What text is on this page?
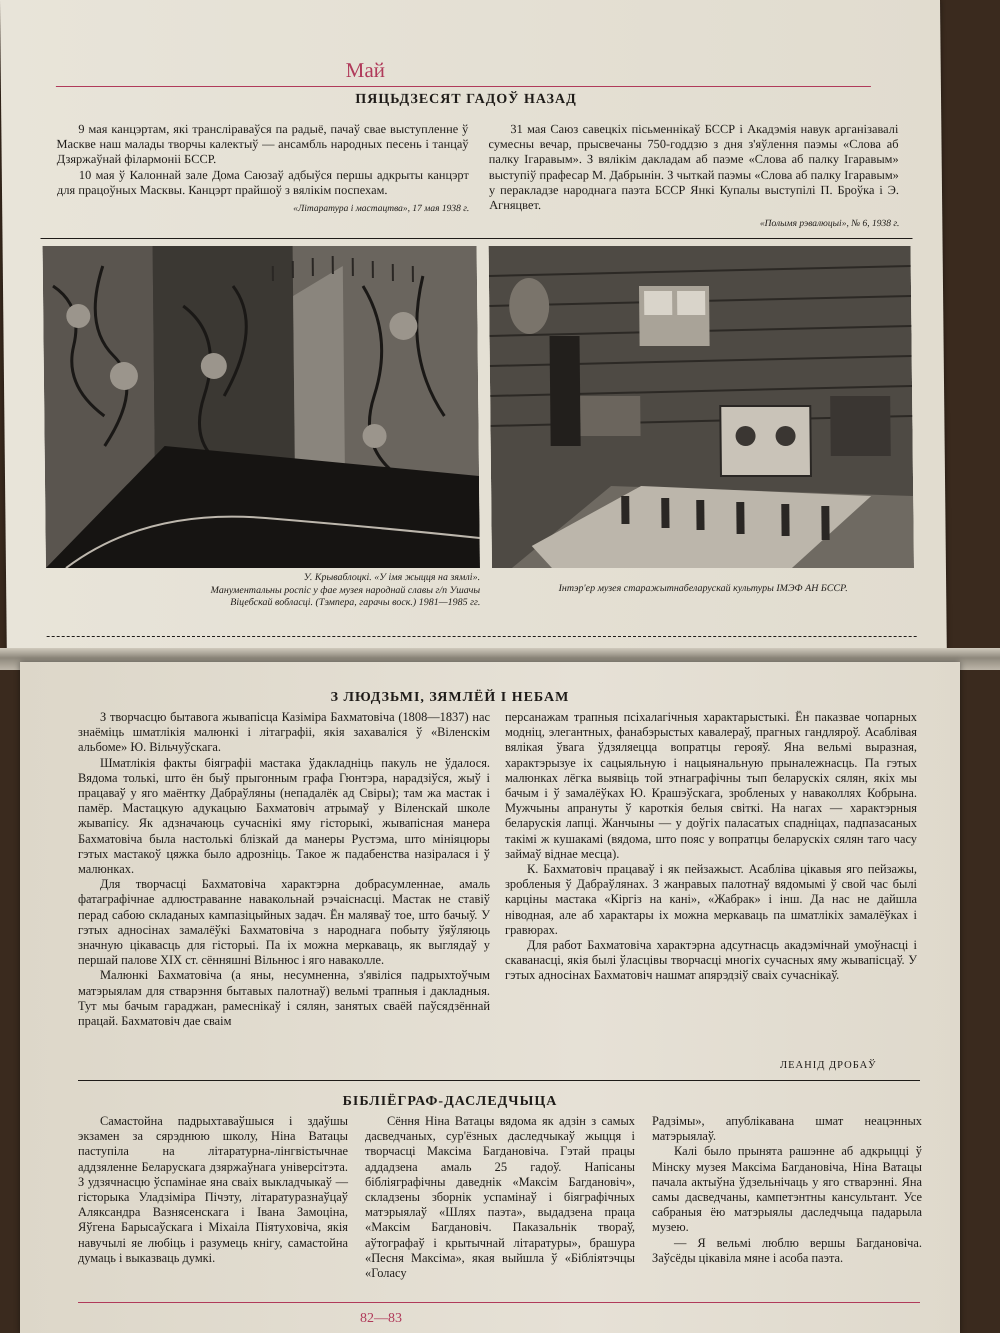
Май
ПЯЦЬДЗЕСЯТ ГАДОЎ НАЗАД

9 мая канцэртам, які трансліраваўся па радыё, пачаў свае выступленне ў Маскве наш малады творчы калектыў — ансамбль народных песень і танцаў Дзяржаўнай філармоніі БССР.

10 мая ў Калоннай зале Дома Саюзаў адбыўся першы адкрыты канцэрт для працоўных Масквы. Канцэрт прайшоў з вялікім поспехам.

«Літаратура і мастацтва», 17 мая 1938 г.

31 мая Саюз савецкіх пісьменнікаў БССР і Акадэмія навук арганізавалі сумесны вечар, прысвечаны 750-годдзю з дня з'яўлення паэмы «Слова аб палку Ігаравым». З вялікім дакладам аб паэме «Слова аб палку Ігаравым» выступіў прафесар М. Дабрынін. З чыткай паэмы «Слова аб палку Ігаравым» у перакладзе народнага паэта БССР Янкі Купалы выступілі П. Броўка і Э. Агняцвет.

«Полымя рэвалюцыі», № 6, 1938 г.
У. Крываблоцкі. «У імя жыцця на зямлі».
Манументальны роспіс у фае музея народнай славы г/п Ушачы
Віцебскай вобласці. (Тэмпера, гарачы воск.) 1981—1985 гг.
Інтэр'ер музея старажытнабеларускай культуры ІМЭФ АН БССР.
З ЛЮДЗЬМІ, ЗЯМЛЁЙ І НЕБАМ

З творчасцю бытавога жывапісца Казіміра Бахматовіча (1808—1837) нас знаёміць шматлікія малюнкі і літаграфіі, якія захаваліся ў «Віленскім альбоме» Ю. Вільчуўскага.

Шматлікія факты біяграфіі мастака ўдакладніць пакуль не ўдалося. Вядома толькі, што ён быў прыгонным графа Гюнтэра, нарадзіўся, жыў і працаваў у яго маёнтку Дабраўляны (непадалёк ад Свіры); там жа мастак і памёр. Мастацкую адукацыю Бахматовіч атрымаў у Віленскай школе жывапісу. Як адзначаюць сучаснікі яму гісторыкі, жывапісная манера Бахматовіча была настолькі блізкай да манеры Рустэма, што мініяцюры гэтых мастакоў цяжка было адрозніць. Такое ж падабенства назіралася і ў малюнках.

Для творчасці Бахматовіча характэрна добрасумленнае, амаль фатаграфічнае адлюстраванне навакольнай рэчаіснасці. Мастак не ставіў перад сабою складаных кампазіцыйных задач. Ён маляваў тое, што бачыў. У гэтых адносінах замалёўкі Бахматовіча з народнага побыту ўяўляюць значную цікавасць для гісторыі. Па іх можна меркаваць, як выглядаў у першай палове XIX ст. сённяшні Вільнюс і яго наваколле.

Малюнкі Бахматовіча (а яны, несумненна, з'явіліся падрыхтоўчым матэрыялам для стварэння бытавых палотнаў) вельмі трапныя і дакладныя. Тут мы бачым гараджан, рамеснікаў і сялян, занятых сваёй паўсядзённай працай. Бахматовіч дае сваім

персанажам трапныя псіхалагічныя характарыстыкі. Ён паказвае чопарных модніц, элегантных, фанабэрыстых кавалераў, прагных гандляроў. Асаблівая вялікая ўвага ўдзяляецца вопратцы герояў. Яна вельмі выразная, характэрызуе іх сацыяльную і нацыянальную прыналежнасць. Па гэтых малюнках лёгка выявіць той этнаграфічны тып беларускіх сялян, якіх мы бачым і ў замалёўках Ю. Крашэўскага, зробленых у наваколлях Кобрына. Мужчыны апрануты ў кароткія белыя світкі. На нагах — характэрныя беларускія лапці. Жанчыны — у доўгіх паласатых спадніцах, падпазасаных такімі ж кушакамі (вядома, што пояс у вопратцы беларускіх сялян таго часу займаў віднае месца).

К. Бахматовіч працаваў і як пейзажыст. Асабліва цікавыя яго пейзажы, зробленыя ў Дабраўлянах. З жанравых палотнаў вядомымі ў свой час былі карціны мастака «Кіргіз на кані», «Жабрак» і інш. Да нас не дайшла ніводная, але аб характары іх можна меркаваць па шматлікіх замалёўках і гравюрах.

Для работ Бахматовіча характэрна адсутнасць акадэмічнай умоўнасці і скаванасці, якія былі ўласцівы творчасці многіх сучасных яму жывапісцаў. У гэтых адносінах Бахматовіч нашмат апярэдзіў сваіх сучаснікаў.

ЛЕАНІД ДРОБАЎ
БІБЛІЁГРАФ-ДАСЛЕДЧЫЦА

Самастойна падрыхтаваўшыся і здаўшы экзамен за сярэднюю школу, Ніна Ватацы паступіла на літаратурна-лінгвістычнае аддзяленне Беларускага дзяржаўнага універсітэта. З удзячнасцю ўспамінае яна сваіх выкладчыкаў — гісторыка Уладзіміра Пічэту, літаратуразнаўцаў Аляксандра Вазнясенскага і Івана Замоціна, Яўгена Барысаўскага і Міхаіла Піятуховіча, якія навучылі яе любіць і разумець кнігу, самастойна думаць і выказваць думкі.

Сёння Ніна Ватацы вядома як адзін з самых дасведчаных, сур'ёзных даследчыкаў жыцця і творчасці Максіма Багдановіча. Гэтай працы аддадзена амаль 25 гадоў. Напісаны бібліяграфічны даведнік «Максім Багдановіч», складзены зборнік успамінаў і біяграфічных матэрыялаў «Шлях паэта», выдадзена праца «Максім Багдановіч. Паказальнік твораў, аўтографаў і крытычнай літаратуры», брашура «Песня Максіма», якая выйшла ў «Бібліятэчцы «Голасу

Радзімы», апублікавана шмат неацэнных матэрыялаў.

Калі было прынята рашэнне аб адкрыцці ў Мінску музея Максіма Багдановіча, Ніна Ватацы пачала актыўна ўдзельнічаць у яго стварэнні. Яна самы дасведчаны, кампетэнтны кансультант. Усе сабраныя ёю матэрыялы даследчыца падарыла музею.

— Я вельмі люблю вершы Багдановіча. Заўсёды цікавіла мяне і асоба паэта.

82—83
